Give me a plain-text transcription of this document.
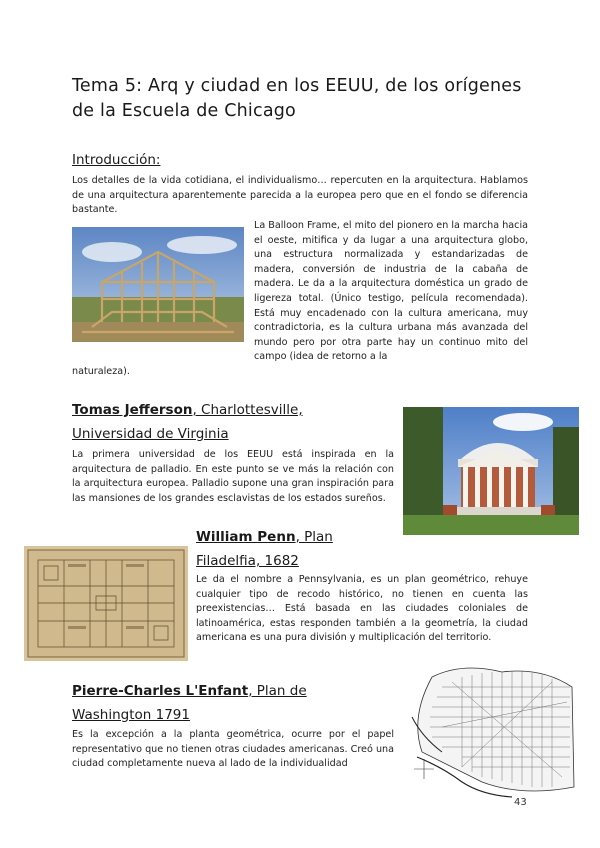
Tema 5: Arq y ciudad en los EEUU, de los orígenes de la Escuela de Chicago
Introducción:
Los detalles de la vida cotidiana, el individualismo… repercuten en la arquitectura. Hablamos de una arquitectura aparentemente parecida a la europea pero que en el fondo se diferencia bastante.
La Balloon Frame, el mito del pionero en la marcha hacia el oeste, mitifica y da lugar a una arquitectura globo, una estructura normalizada y estandarizadas de madera, conversión de industria de la cabaña de madera. Le da a la arquitectura doméstica un grado de ligereza total. (Único testigo, película recomendada). Está muy encadenado con la cultura americana, muy contradictoria, es la cultura urbana más avanzada del mundo pero por otra parte hay un continuo mito del campo (idea de retorno a la
naturaleza).
Tomas Jefferson, Charlottesville,
Universidad de Virginia
La primera universidad de los EEUU está inspirada en la arquitectura de palladio. En este punto se ve más la relación con la arquitectura europea. Palladio supone una gran inspiración para las mansiones de los grandes esclavistas de los estados sureños.
William Penn, Plan
Filadelfia, 1682
Le da el nombre a Pennsylvania, es un plan geométrico, rehuye cualquier tipo de recodo histórico, no tienen en cuenta las preexistencias… Está basada en las ciudades coloniales de latinoamérica, estas responden también a la geometría, la ciudad americana es una pura división y multiplicación del territorio.
Pierre-Charles L'Enfant, Plan de
Washington 1791
Es la excepción a la planta geométrica, ocurre por el papel representativo que no tienen otras ciudades americanas. Creó una ciudad completamente nueva al lado de la individualidad
43
